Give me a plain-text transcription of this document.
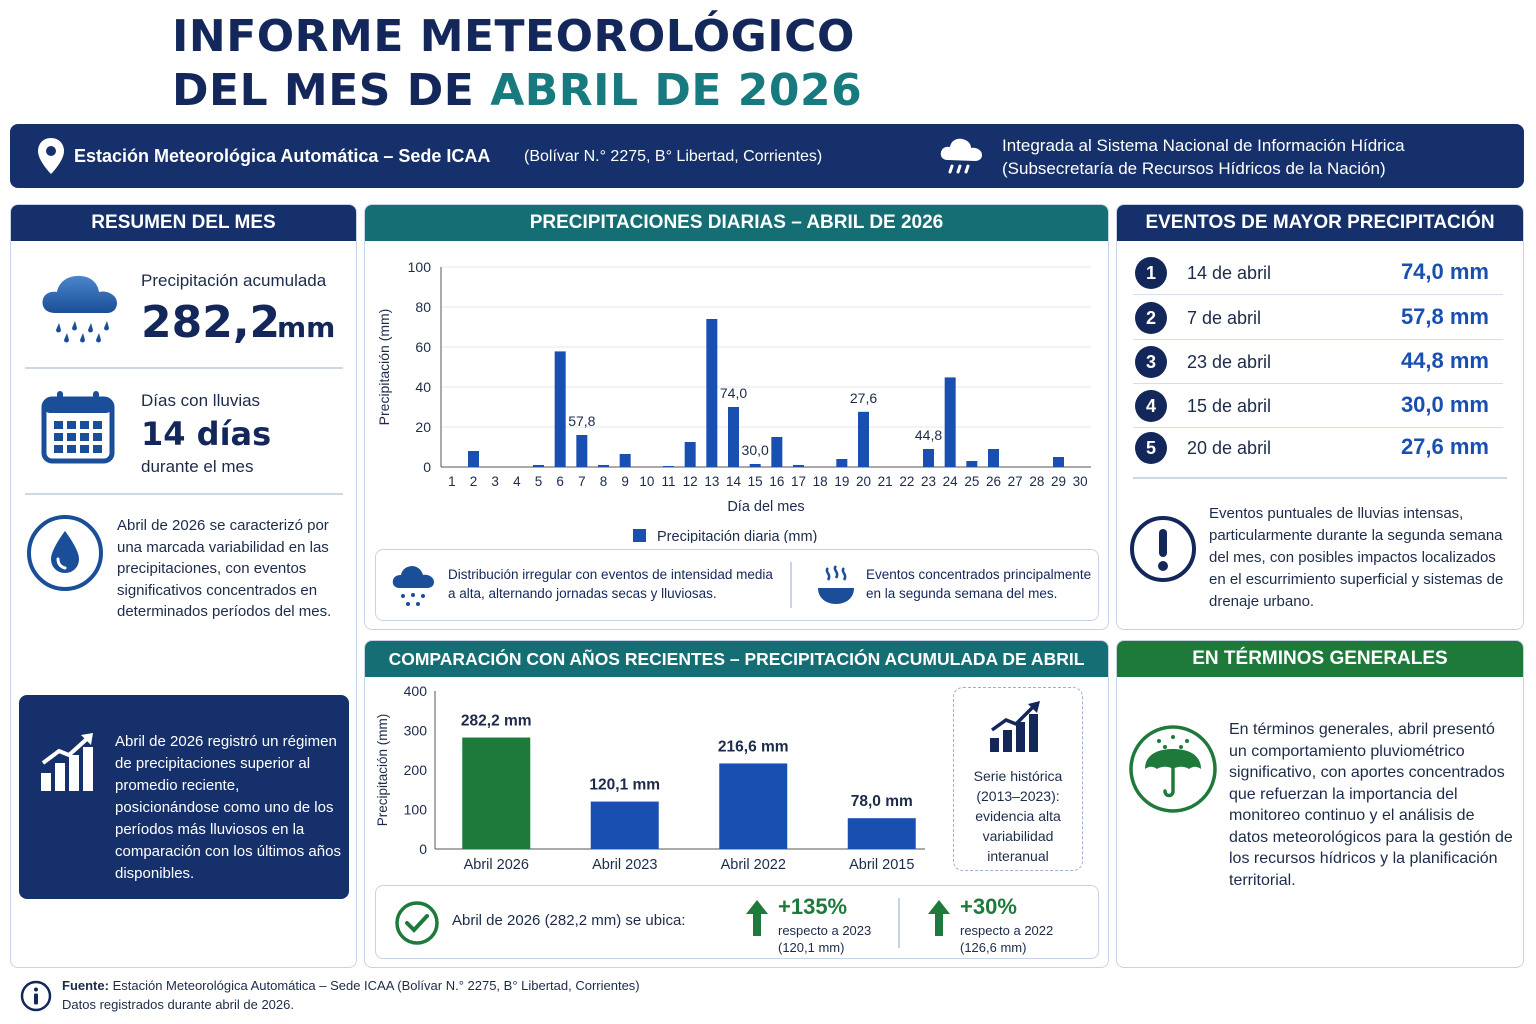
INFORME METEOROLÓGICO
DEL MES DE ABRIL DE 2026
Estación Meteorológica Automática – Sede ICAA (Bolívar N.° 2275, B° Libertad, Corrientes)
Integrada al Sistema Nacional de Información Hídrica
(Subsecretaría de Recursos Hídricos de la Nación)
RESUMEN DEL MES
Precipitación acumulada
282,2
mm
Días con lluvias
14 días
durante el mes
Abril de 2026 se caracterizó por una marcada variabilidad en las precipitaciones, con eventos significativos concentrados en determinados períodos del mes.
Abril de 2026 registró un régimen de precipitaciones superior al promedio reciente, posicionándose como uno de los períodos más lluviosos en la comparación con los últimos años disponibles.
PRECIPITACIONES DIARIAS – ABRIL DE 2026
0
20
40
60
80
100
Precipitación (mm)
1 2 3 4 5 6 7 8 9 10 11 12 13 14 15 16 17 18 19 20 21 22 23 24 25 26 27 28 29 30
57,8
74,0
30,0
27,6
44,8
Día del mes
Precipitación diaria (mm)
Distribución irregular con eventos de intensidad media a alta, alternando jornadas secas y lluviosas.
Eventos concentrados principalmente en la segunda semana del mes.
EVENTOS DE MAYOR PRECIPITACIÓN
1	14 de abril	74,0 mm
2	7 de abril	57,8 mm
3	23 de abril	44,8 mm
4	15 de abril	30,0 mm
5	20 de abril	27,6 mm
Eventos puntuales de lluvias intensas, particularmente durante la segunda semana del mes, con posibles impactos localizados en el escurrimiento superficial y sistemas de drenaje urbano.
COMPARACIÓN CON AÑOS RECIENTES – PRECIPITACIÓN ACUMULADA DE ABRIL
0
100
200
300
400
Precipitación (mm)	282,2 mm
Abril 2026
120,1 mm
Abril 2023
216,6 mm
Abril 2022
78,0 mm
Abril 2015
Serie histórica (2013–2023): evidencia alta variabilidad interanual
Abril de 2026 (282,2 mm) se ubica:
+135%
respecto a 2023
(120,1 mm)
+30%
respecto a 2022
(126,6 mm)
EN TÉRMINOS GENERALES
En términos generales, abril presentó un comportamiento pluviométrico significativo, con aportes concentrados que refuerzan la importancia del monitoreo continuo y el análisis de datos meteorológicos para la gestión de los recursos hídricos y la planificación territorial.
Fuente: Estación Meteorológica Automática – Sede ICAA (Bolívar N.° 2275, B° Libertad, Corrientes)
Datos registrados durante abril de 2026.
